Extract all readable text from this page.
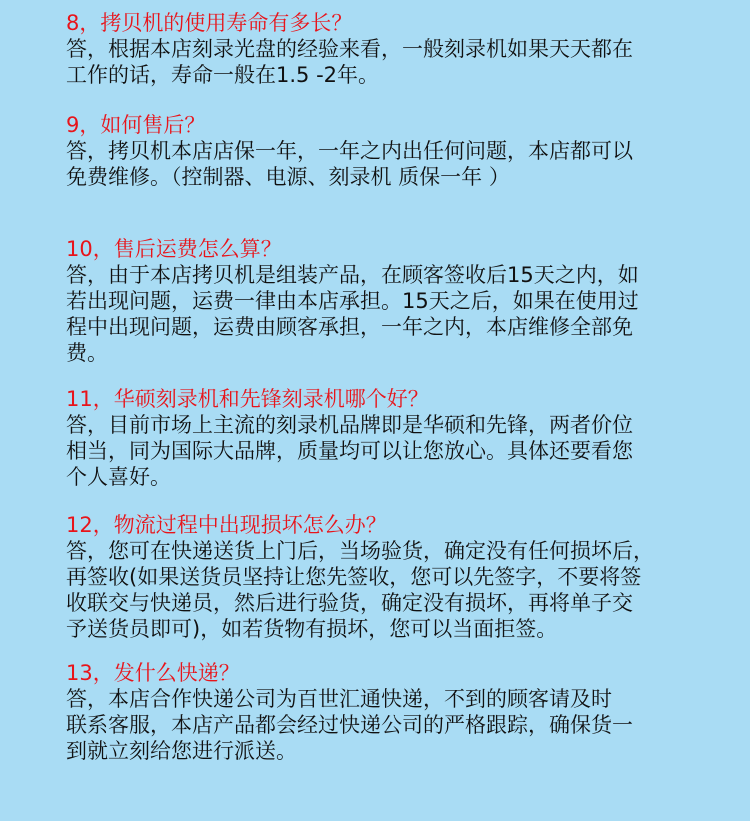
8，拷贝机的使用寿命有多长？
答，根据本店刻录光盘的经验来看，一般刻录机如果天天都在
工作的话，寿命一般在1.5 -2年。
9，如何售后？
答，拷贝机本店店保一年，一年之内出任何问题，本店都可以
免费维修。（控制器、电源、刻录机 质保一年 ）
10，售后运费怎么算？
答，由于本店拷贝机是组装产品，在顾客签收后15天之内，如
若出现问题，运费一律由本店承担。15天之后，如果在使用过
程中出现问题，运费由顾客承担，一年之内，本店维修全部免
费。
11，华硕刻录机和先锋刻录机哪个好？
答，目前市场上主流的刻录机品牌即是华硕和先锋，两者价位
相当，同为国际大品牌，质量均可以让您放心。具体还要看您
个人喜好。
12，物流过程中出现损坏怎么办？
答，您可在快递送货上门后，当场验货，确定没有任何损坏后，
再签收(如果送货员坚持让您先签收，您可以先签字，不要将签
收联交与快递员，然后进行验货，确定没有损坏，再将单子交
予送货员即可)，如若货物有损坏，您可以当面拒签。
13，发什么快递？
答，本店合作快递公司为百世汇通快递，不到的顾客请及时
联系客服，本店产品都会经过快递公司的严格跟踪，确保货一
到就立刻给您进行派送。
